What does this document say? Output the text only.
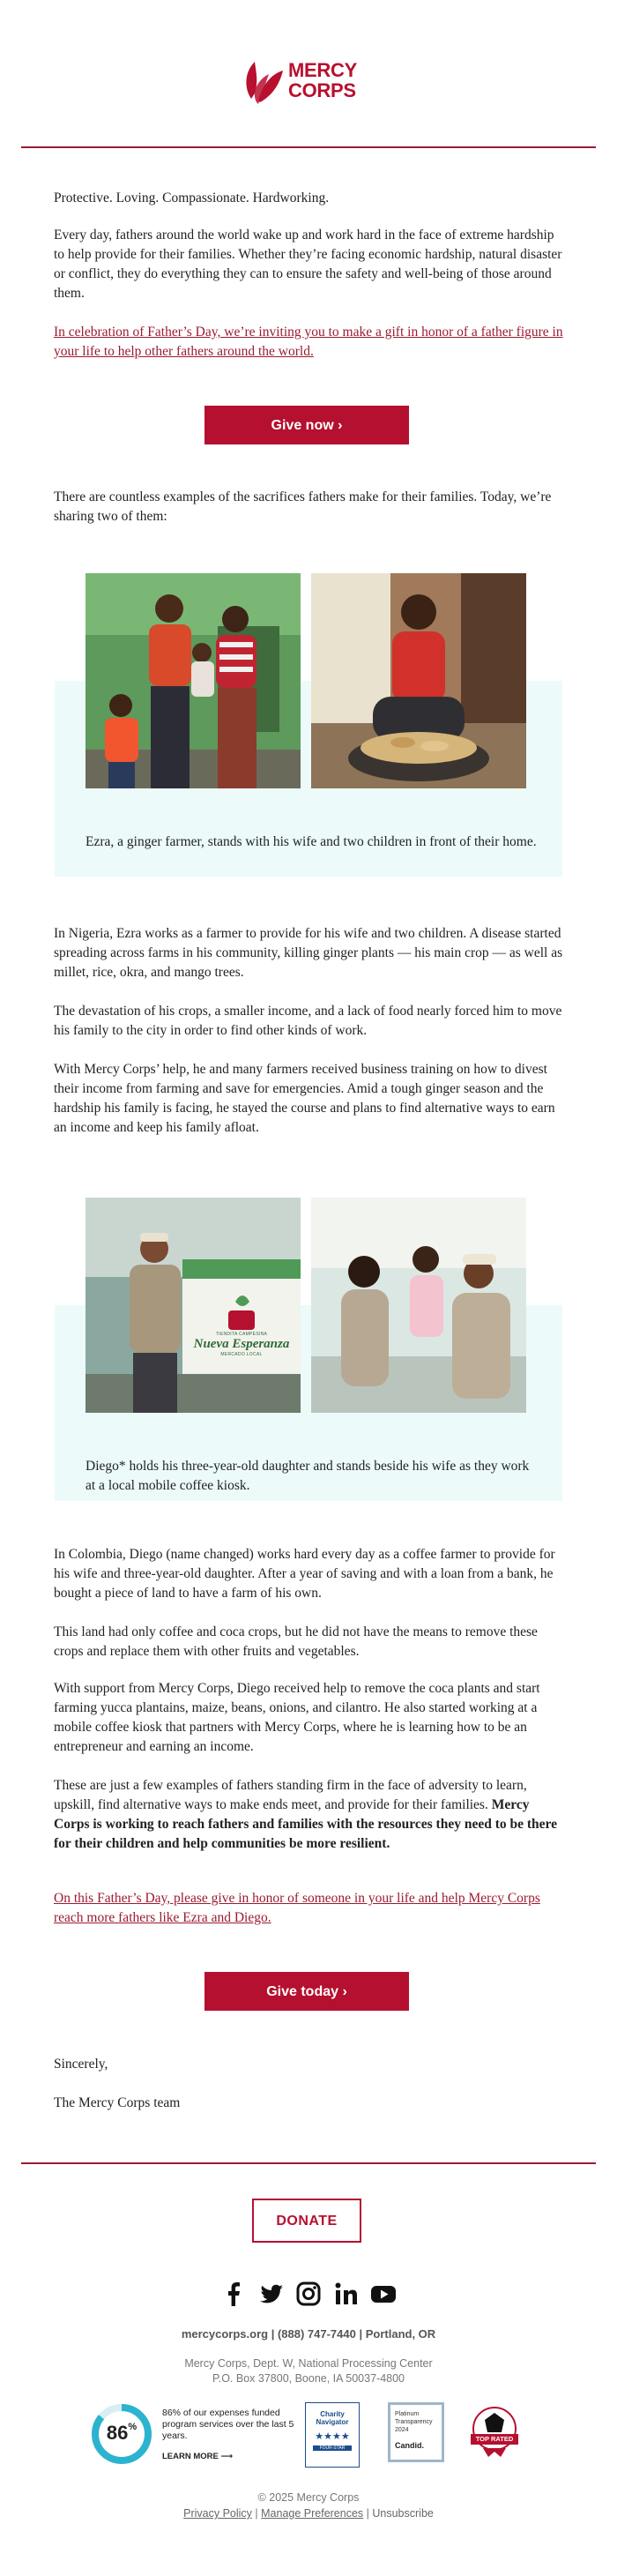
MERCY
CORPS

Protective. Loving. Compassionate. Hardworking.

Every day, fathers around the world wake up and work hard in the face of extreme hardship to help provide for their families. Whether they’re facing economic hardship, natural disaster or conflict, they do everything they can to ensure the safety and well-being of those around them.

In celebration of Father’s Day, we’re inviting you to make a gift in honor of a father figure in your life to help other fathers around the world.
Give now ›

There are countless examples of the sacrifices fathers make for their families. Today, we’re sharing two of them:

Ezra, a ginger farmer, stands with his wife and two children in front of their home.

In Nigeria, Ezra works as a farmer to provide for his wife and two children. A disease started spreading across farms in his community, killing ginger plants — his main crop — as well as millet, rice, okra, and mango trees.

The devastation of his crops, a smaller income, and a lack of food nearly forced him to move his family to the city in order to find other kinds of work.

With Mercy Corps’ help, he and many farmers received business training on how to divest their income from farming and save for emergencies. Amid a tough ginger season and the hardship his family is facing, he stayed the course and plans to find alternative ways to earn an income and keep his family afloat.

TIENDITA CAMPESINA
Nueva Esperanza
MERCADO LOCAL

Diego* holds his three-year-old daughter and stands beside his wife as they work at a local mobile coffee kiosk.

In Colombia, Diego (name changed) works hard every day as a coffee farmer to provide for his wife and three-year-old daughter. After a year of saving and with a loan from a bank, he bought a piece of land to have a farm of his own.

This land had only coffee and coca crops, but he did not have the means to remove these crops and replace them with other fruits and vegetables.

With support from Mercy Corps, Diego received help to remove the coca plants and start farming yucca plantains, maize, beans, onions, and cilantro. He also started working at a mobile coffee kiosk that partners with Mercy Corps, where he is learning how to be an entrepreneur and earning an income.

These are just a few examples of fathers standing firm in the face of adversity to learn, upskill, find alternative ways to make ends meet, and provide for their families. Mercy Corps is working to reach fathers and families with the resources they need to be there for their children and help communities be more resilient.

On this Father’s Day, please give in honor of someone in your life and help Mercy Corps reach more fathers like Ezra and Diego.
Give today ›

Sincerely,

The Mercy Corps team

DONATE
mercycorps.org | (888) 747-7440 | Portland, OR
Mercy Corps, Dept. W, National Processing Center
P.O. Box 37800, Boone, IA 50037-4800
86%
86% of our expenses funded program services over the last 5 years.
LEARN MORE ⟶
Charity
Navigator
★★★★
FOUR-STAR
Platinum
Transparency
2024
Candid.
TOP RATED
© 2025 Mercy Corps
Privacy Policy | Manage Preferences | Unsubscribe
